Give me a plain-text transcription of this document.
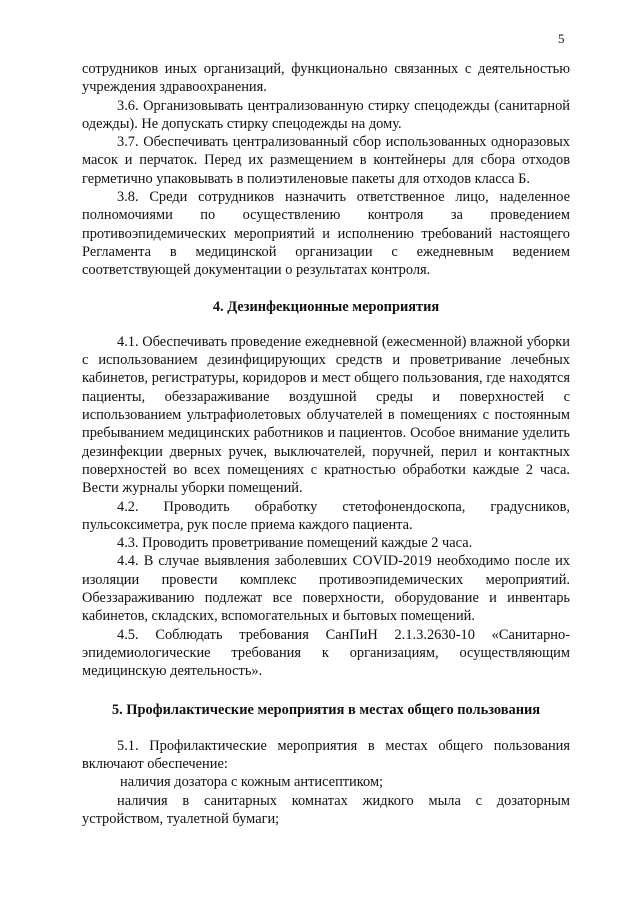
5

сотрудников иных организаций, функционально связанных с деятельностью учреждения здравоохранения.

3.6. Организовывать централизованную стирку спецодежды (санитарной одежды). Не допускать стирку спецодежды на дому.

3.7. Обеспечивать централизованный сбор использованных одноразовых масок и перчаток. Перед их размещением в контейнеры для сбора отходов герметично упаковывать в полиэтиленовые пакеты для отходов класса Б.

3.8. Среди сотрудников назначить ответственное лицо, наделенное полномочиями по осуществлению контроля за проведением противоэпидемических мероприятий и исполнению требований настоящего Регламента в медицинской организации с ежедневным ведением соответствующей документации о результатах контроля.

4. Дезинфекционные мероприятия

4.1. Обеспечивать проведение ежедневной (ежесменной) влажной уборки с использованием дезинфицирующих средств и проветривание лечебных кабинетов, регистратуры, коридоров и мест общего пользования, где находятся пациенты, обеззараживание воздушной среды и поверхностей с использованием ультрафиолетовых облучателей в помещениях с постоянным пребыванием медицинских работников и пациентов. Особое внимание уделить дезинфекции дверных ручек, выключателей, поручней, перил и контактных поверхностей во всех помещениях с кратностью обработки каждые 2 часа. Вести журналы уборки помещений.

4.2. Проводить обработку стетофонендоскопа, градусников, пульсоксиметра, рук после приема каждого пациента.

4.3. Проводить проветривание помещений каждые 2 часа.

4.4. В случае выявления заболевших COVID-2019 необходимо после их изоляции провести комплекс противоэпидемических мероприятий. Обеззараживанию подлежат все поверхности, оборудование и инвентарь кабинетов, складских, вспомогательных и бытовых помещений.

4.5. Соблюдать требования СанПиН 2.1.3.2630-10 «Санитарно-эпидемиологические требования к организациям, осуществляющим медицинскую деятельность».

5. Профилактические мероприятия в местах общего пользования

5.1. Профилактические мероприятия в местах общего пользования включают обеспечение:

наличия дозатора с кожным антисептиком;

наличия в санитарных комнатах жидкого мыла с дозаторным устройством, туалетной бумаги;
